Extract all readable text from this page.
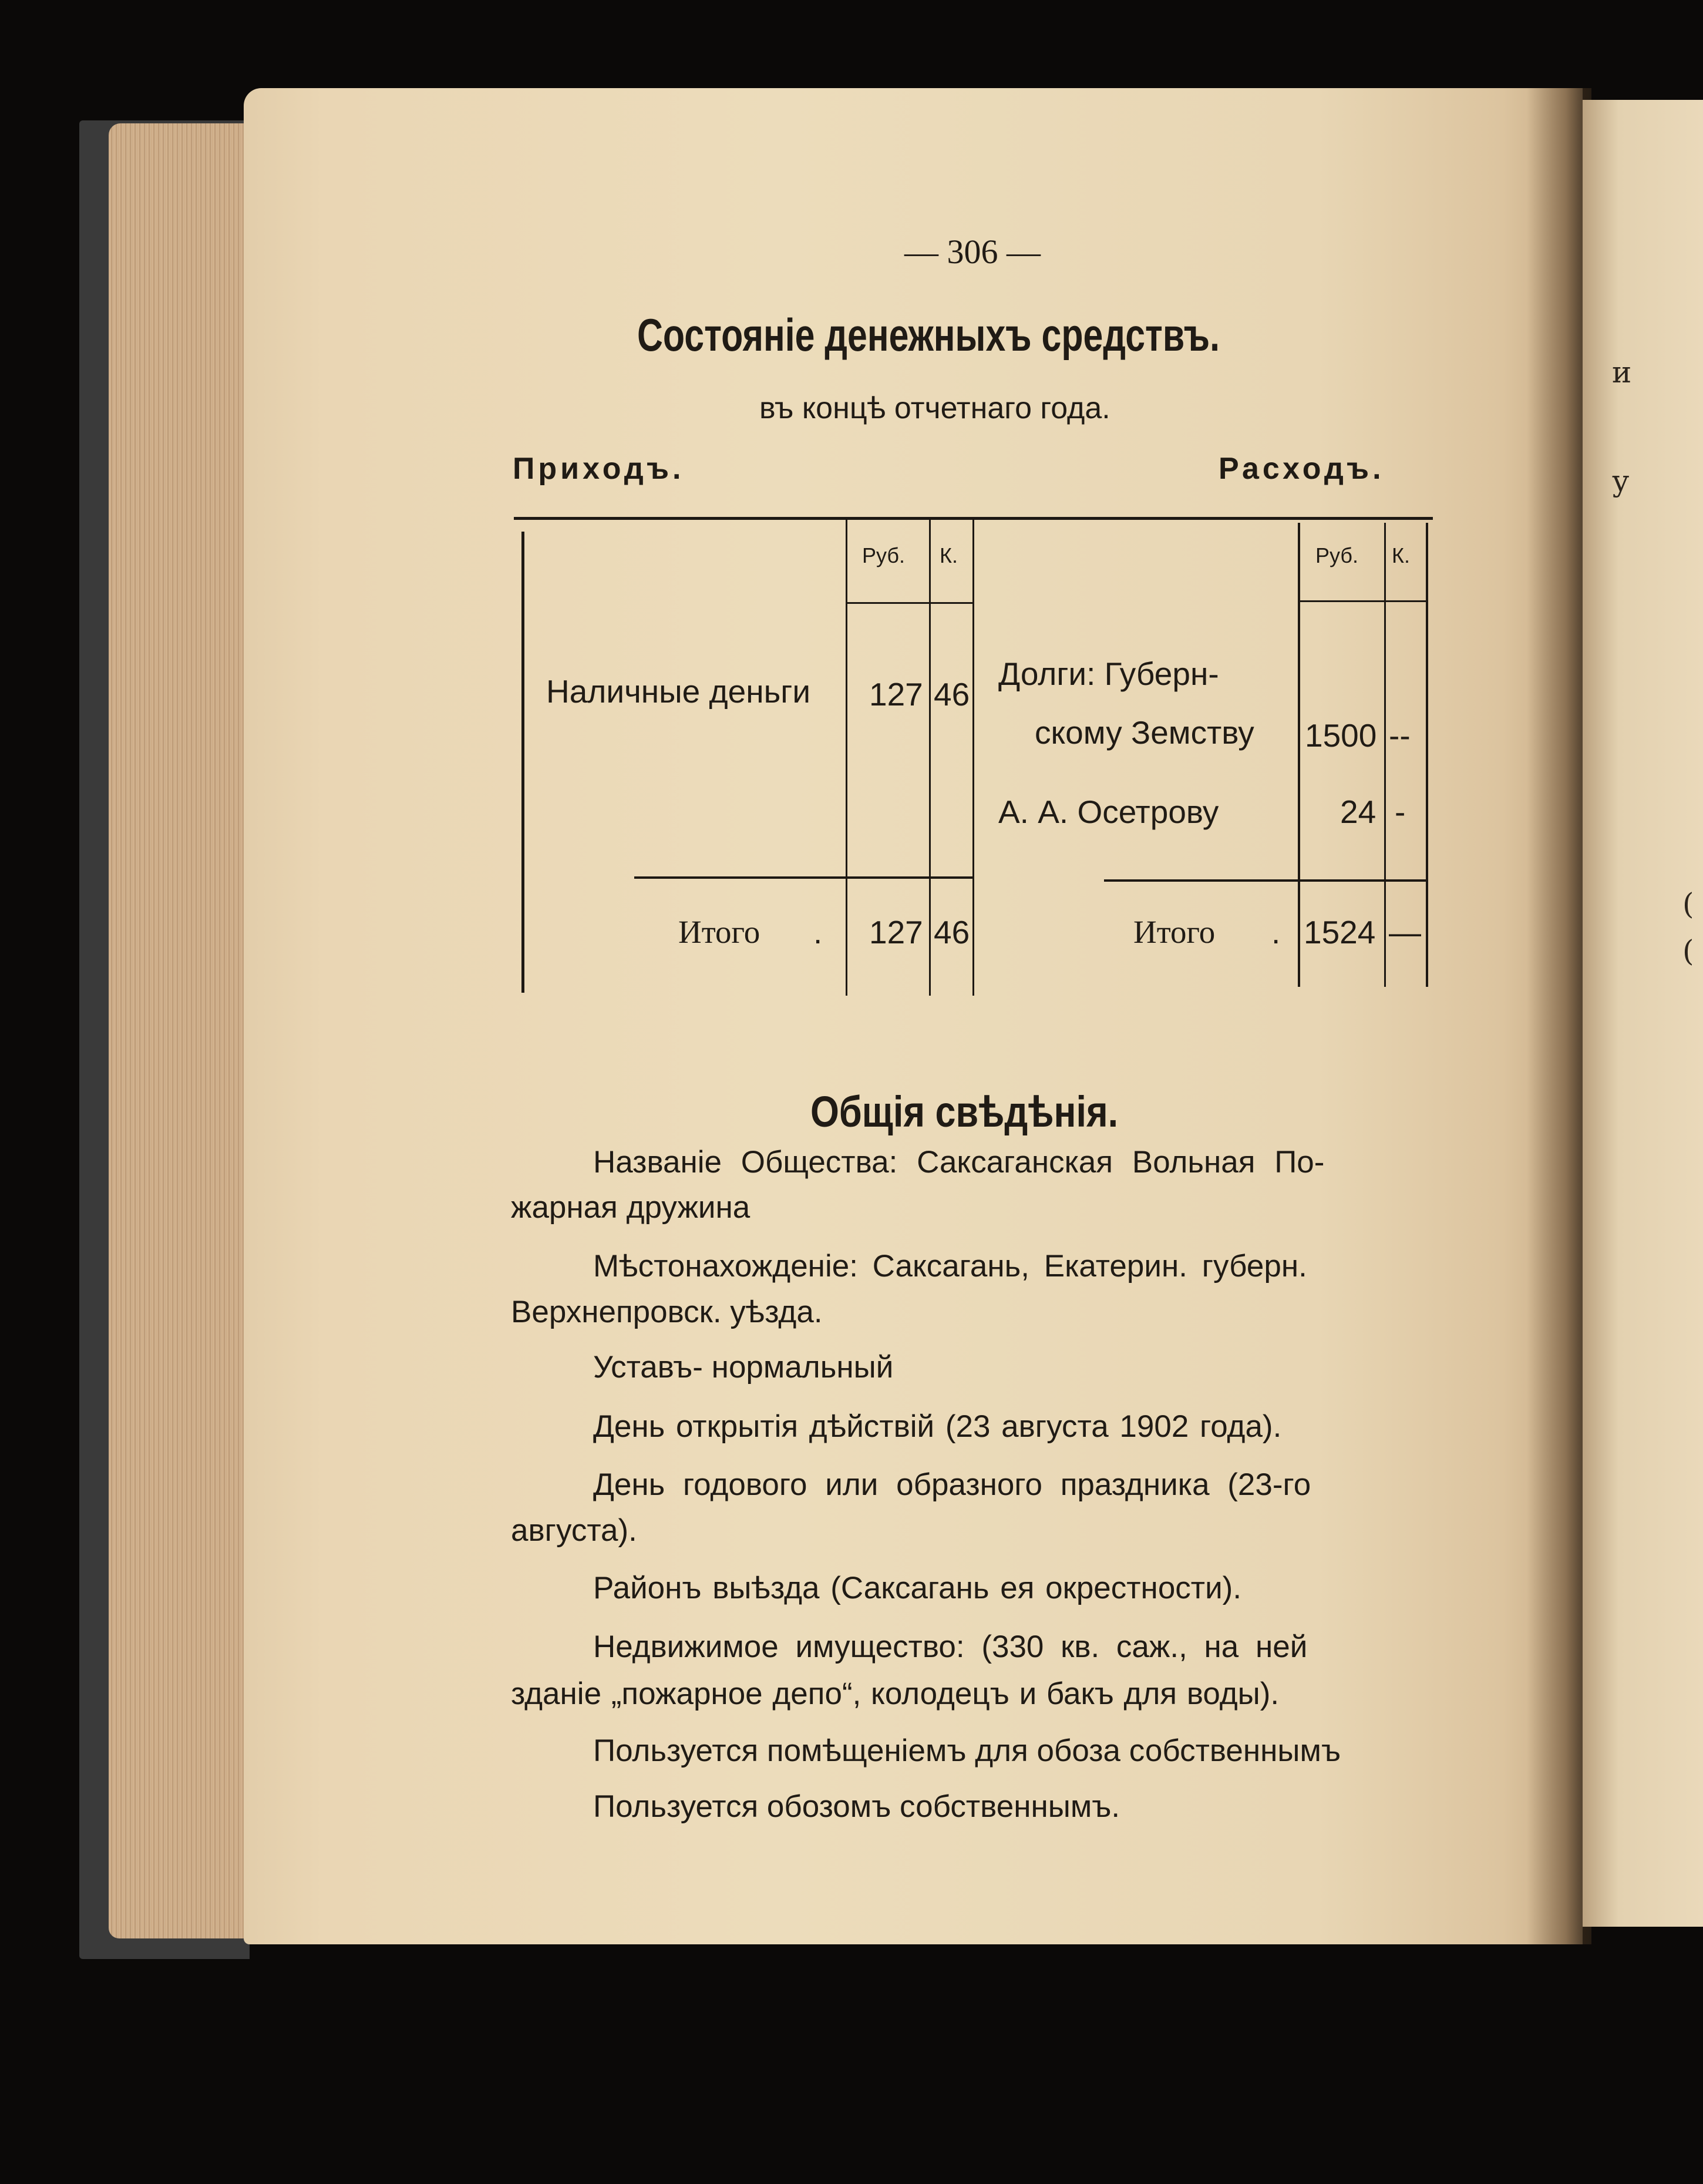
и
у
(
(
— 306 —
Состоянiе денежныхъ средствъ.
въ концѣ отчетнаго года.
Приходъ.	Расходъ.
Руб. К.
Наличные деньги 127 46
Итого . 127 46
Руб. К.
Долги: Губерн-
скому Земству 1500 --
А. А. Осетрову	24 -
Итого . 1524 —
Общiя свѣдѣнiя.
Названiе Общества: Саксаганская Вольная По-
жарная дружина
Мѣстонахожденiе: Саксагань, Екатерин. губерн.
Верхнепровск. уѣзда.
Уставъ- нормальный
День открытiя дѣйствiй (23 августа 1902 года).
День годового или образного праздника (23-го
августа).
Районъ выѣзда (Саксагань ея окрестности).
Недвижимое имущество: (330 кв. саж., на ней
зданiе „пожарное депо“, колодецъ и бакъ для воды).
Пользуется помѣщенiемъ для обоза собственнымъ
Пользуется обозомъ собственнымъ.
